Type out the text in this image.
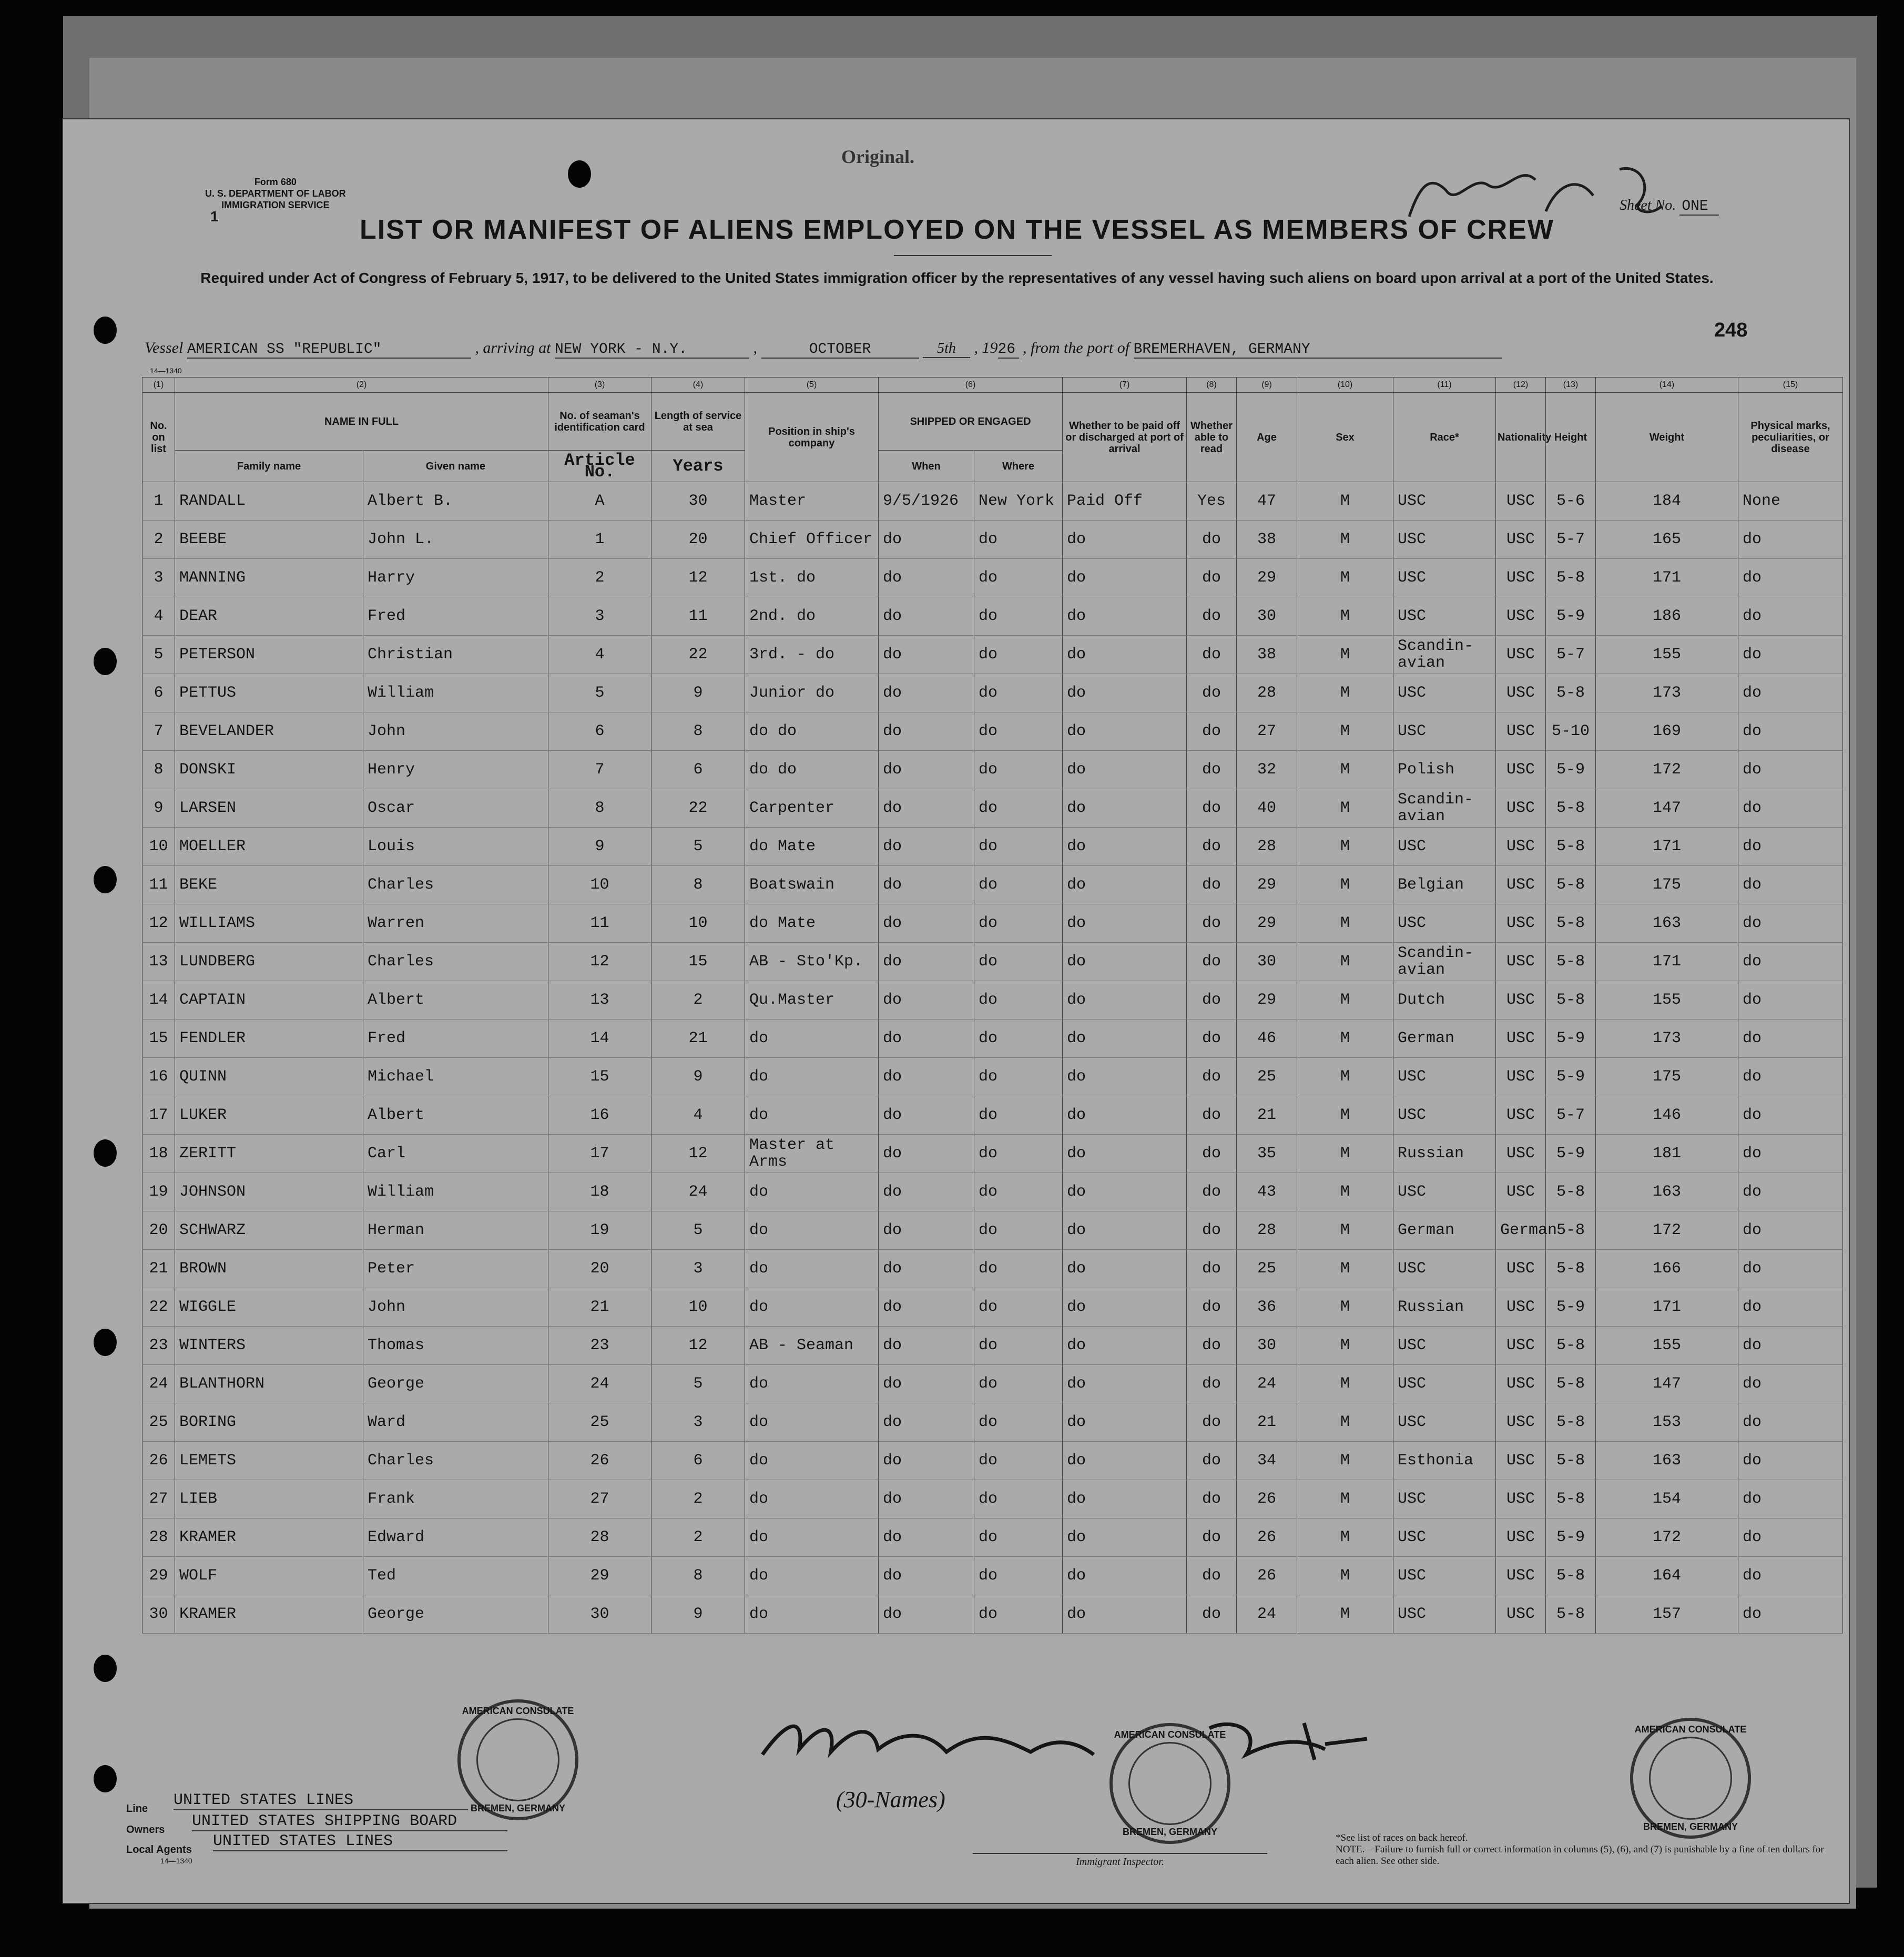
Form 680
U. S. DEPARTMENT OF LABOR
IMMIGRATION SERVICE
1
Original.
LIST OR MANIFEST OF ALIENS EMPLOYED ON THE VESSEL AS MEMBERS OF CREW
Sheet No. ONE
Required under Act of Congress of February 5, 1917, to be delivered to the United States immigration officer by the representatives of any vessel having such aliens on board upon arrival at a port of the United States.
248
Vessel AMERICAN SS "REPUBLIC"	, arriving at NEW YORK - N.Y.	,	OCTOBER	5th , 1926 , from the port of BREMERHAVEN, GERMANY
14—1340
(1)	(2)		(3)	(4)	(5)	(6)		(7)	(8)	(9)	(10)	(11)	(12)	(13)	(14)	(15)
No. on list	NAME IN FULL		No. of seaman's identification card	Length of service at sea	Position in ship's company	SHIPPED OR ENGAGED		Whether to be paid off or discharged at port of arrival	Whether able to read	Age	Sex	Race*	Nationality	Height	Weight	Physical marks, peculiarities, or disease
	Family name	Given name	Article No.	Years		When	Where									
1	RANDALL	Albert B.	A	30	Master	9/5/1926	New York	Paid Off	Yes	47	M	USC	USC	5-6	184	None
2	BEEBE	John L.	1	20	Chief Officer	do	do	do	do	38	M	USC	USC	5-7	165	do
3	MANNING	Harry	2	12	1st. do	do	do	do	do	29	M	USC	USC	5-8	171	do
4	DEAR	Fred	3	11	2nd. do	do	do	do	do	30	M	USC	USC	5-9	186	do
5	PETERSON	Christian	4	22	3rd. - do	do	do	do	do	38	M	Scandin-avian	USC	5-7	155	do
6	PETTUS	William	5	9	Junior do	do	do	do	do	28	M	USC	USC	5-8	173	do
7	BEVELANDER	John	6	8	do do	do	do	do	do	27	M	USC	USC	5-10	169	do
8	DONSKI	Henry	7	6	do do	do	do	do	do	32	M	Polish	USC	5-9	172	do
9	LARSEN	Oscar	8	22	Carpenter	do	do	do	do	40	M	Scandin-avian	USC	5-8	147	do
10	MOELLER	Louis	9	5	do Mate	do	do	do	do	28	M	USC	USC	5-8	171	do
11	BEKE	Charles	10	8	Boatswain	do	do	do	do	29	M	Belgian	USC	5-8	175	do
12	WILLIAMS	Warren	11	10	do Mate	do	do	do	do	29	M	USC	USC	5-8	163	do
13	LUNDBERG	Charles	12	15	AB - Sto'Kp.	do	do	do	do	30	M	Scandin-avian	USC	5-8	171	do
14	CAPTAIN	Albert	13	2	Qu.Master	do	do	do	do	29	M	Dutch	USC	5-8	155	do
15	FENDLER	Fred	14	21	do	do	do	do	do	46	M	German	USC	5-9	173	do
16	QUINN	Michael	15	9	do	do	do	do	do	25	M	USC	USC	5-9	175	do
17	LUKER	Albert	16	4	do	do	do	do	do	21	M	USC	USC	5-7	146	do
18	ZERITT	Carl	17	12	Master at Arms	do	do	do	do	35	M	Russian	USC	5-9	181	do
19	JOHNSON	William	18	24	do	do	do	do	do	43	M	USC	USC	5-8	163	do
20	SCHWARZ	Herman	19	5	do	do	do	do	do	28	M	German	German	5-8	172	do
21	BROWN	Peter	20	3	do	do	do	do	do	25	M	USC	USC	5-8	166	do
22	WIGGLE	John	21	10	do	do	do	do	do	36	M	Russian	USC	5-9	171	do
23	WINTERS	Thomas	23	12	AB - Seaman	do	do	do	do	30	M	USC	USC	5-8	155	do
24	BLANTHORN	George	24	5	do	do	do	do	do	24	M	USC	USC	5-8	147	do
25	BORING	Ward	25	3	do	do	do	do	do	21	M	USC	USC	5-8	153	do
26	LEMETS	Charles	26	6	do	do	do	do	do	34	M	Esthonia	USC	5-8	163	do
27	LIEB	Frank	27	2	do	do	do	do	do	26	M	USC	USC	5-8	154	do
28	KRAMER	Edward	28	2	do	do	do	do	do	26	M	USC	USC	5-9	172	do
29	WOLF	Ted	29	8	do	do	do	do	do	26	M	USC	USC	5-8	164	do
30	KRAMER	George	30	9	do	do	do	do	do	24	M	USC	USC	5-8	157	do
Line UNITED STATES LINES
Owners UNITED STATES SHIPPING BOARD
Local Agents UNITED STATES LINES
14—1340
(30-Names)
Immigrant Inspector.
*See list of races on back hereof.
NOTE.—Failure to furnish full or correct information in columns (5), (6), and (7) is punishable by a fine of ten dollars for each alien. See other side.
AMERICAN CONSULATE
BREMEN, GERMANY
AMERICAN CONSULATE
BREMEN, GERMANY
AMERICAN CONSULATE
BREMEN, GERMANY
